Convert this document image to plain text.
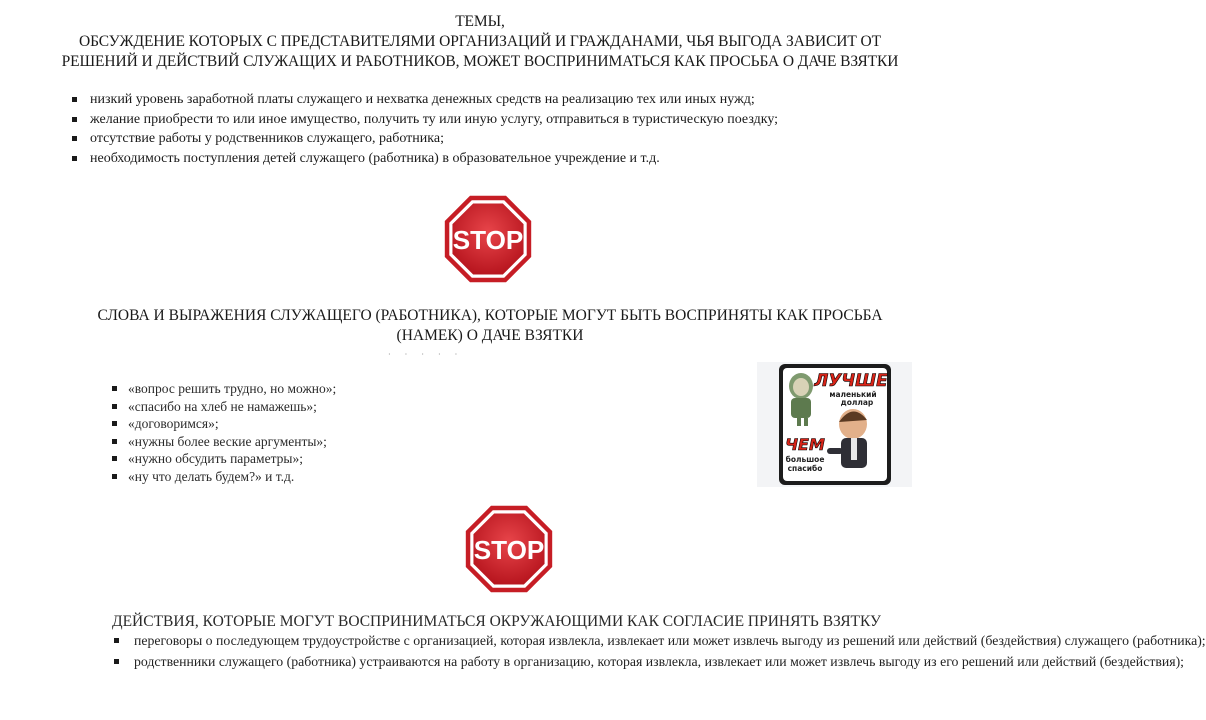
ТЕМЫ,
ОБСУЖДЕНИЕ КОТОРЫХ С ПРЕДСТАВИТЕЛЯМИ ОРГАНИЗАЦИЙ И ГРАЖДАНАМИ, ЧЬЯ ВЫГОДА ЗАВИСИТ ОТ
РЕШЕНИЙ И ДЕЙСТВИЙ СЛУЖАЩИХ И РАБОТНИКОВ, МОЖЕТ ВОСПРИНИМАТЬСЯ КАК ПРОСЬБА О ДАЧЕ ВЗЯТКИ
низкий уровень заработной платы служащего и нехватка денежных средств на реализацию тех или иных нужд;
желание приобрести то или иное имущество, получить ту или иную услугу, отправиться в туристическую поездку;
отсутствие работы у родственников служащего, работника;
необходимость поступления детей служащего (работника) в образовательное учреждение и т.д.
STOP
СЛОВА И ВЫРАЖЕНИЯ СЛУЖАЩЕГО (РАБОТНИКА), КОТОРЫЕ МОГУТ БЫТЬ ВОСПРИНЯТЫ КАК ПРОСЬБА
(НАМЕК) О ДАЧЕ ВЗЯТКИ
· · · · ·
«вопрос решить трудно, но можно»;
«спасибо на хлеб не намажешь»;
«договоримся»;
«нужны более веские аргументы»;
«нужно обсудить параметры»;
«ну что делать будем?» и т.д.
ЛУЧШЕ
маленький
доллар
ЧЕМ
большое
спасибо
STOP
ДЕЙСТВИЯ, КОТОРЫЕ МОГУТ ВОСПРИНИМАТЬСЯ ОКРУЖАЮЩИМИ КАК СОГЛАСИЕ ПРИНЯТЬ ВЗЯТКУ
переговоры о последующем трудоустройстве с организацией, которая извлекла, извлекает или может извлечь выгоду из решений или действий (бездействия) служащего (работника);
родственники служащего (работника) устраиваются на работу в организацию, которая извлекла, извлекает или может извлечь выгоду из его решений или действий (бездействия);
